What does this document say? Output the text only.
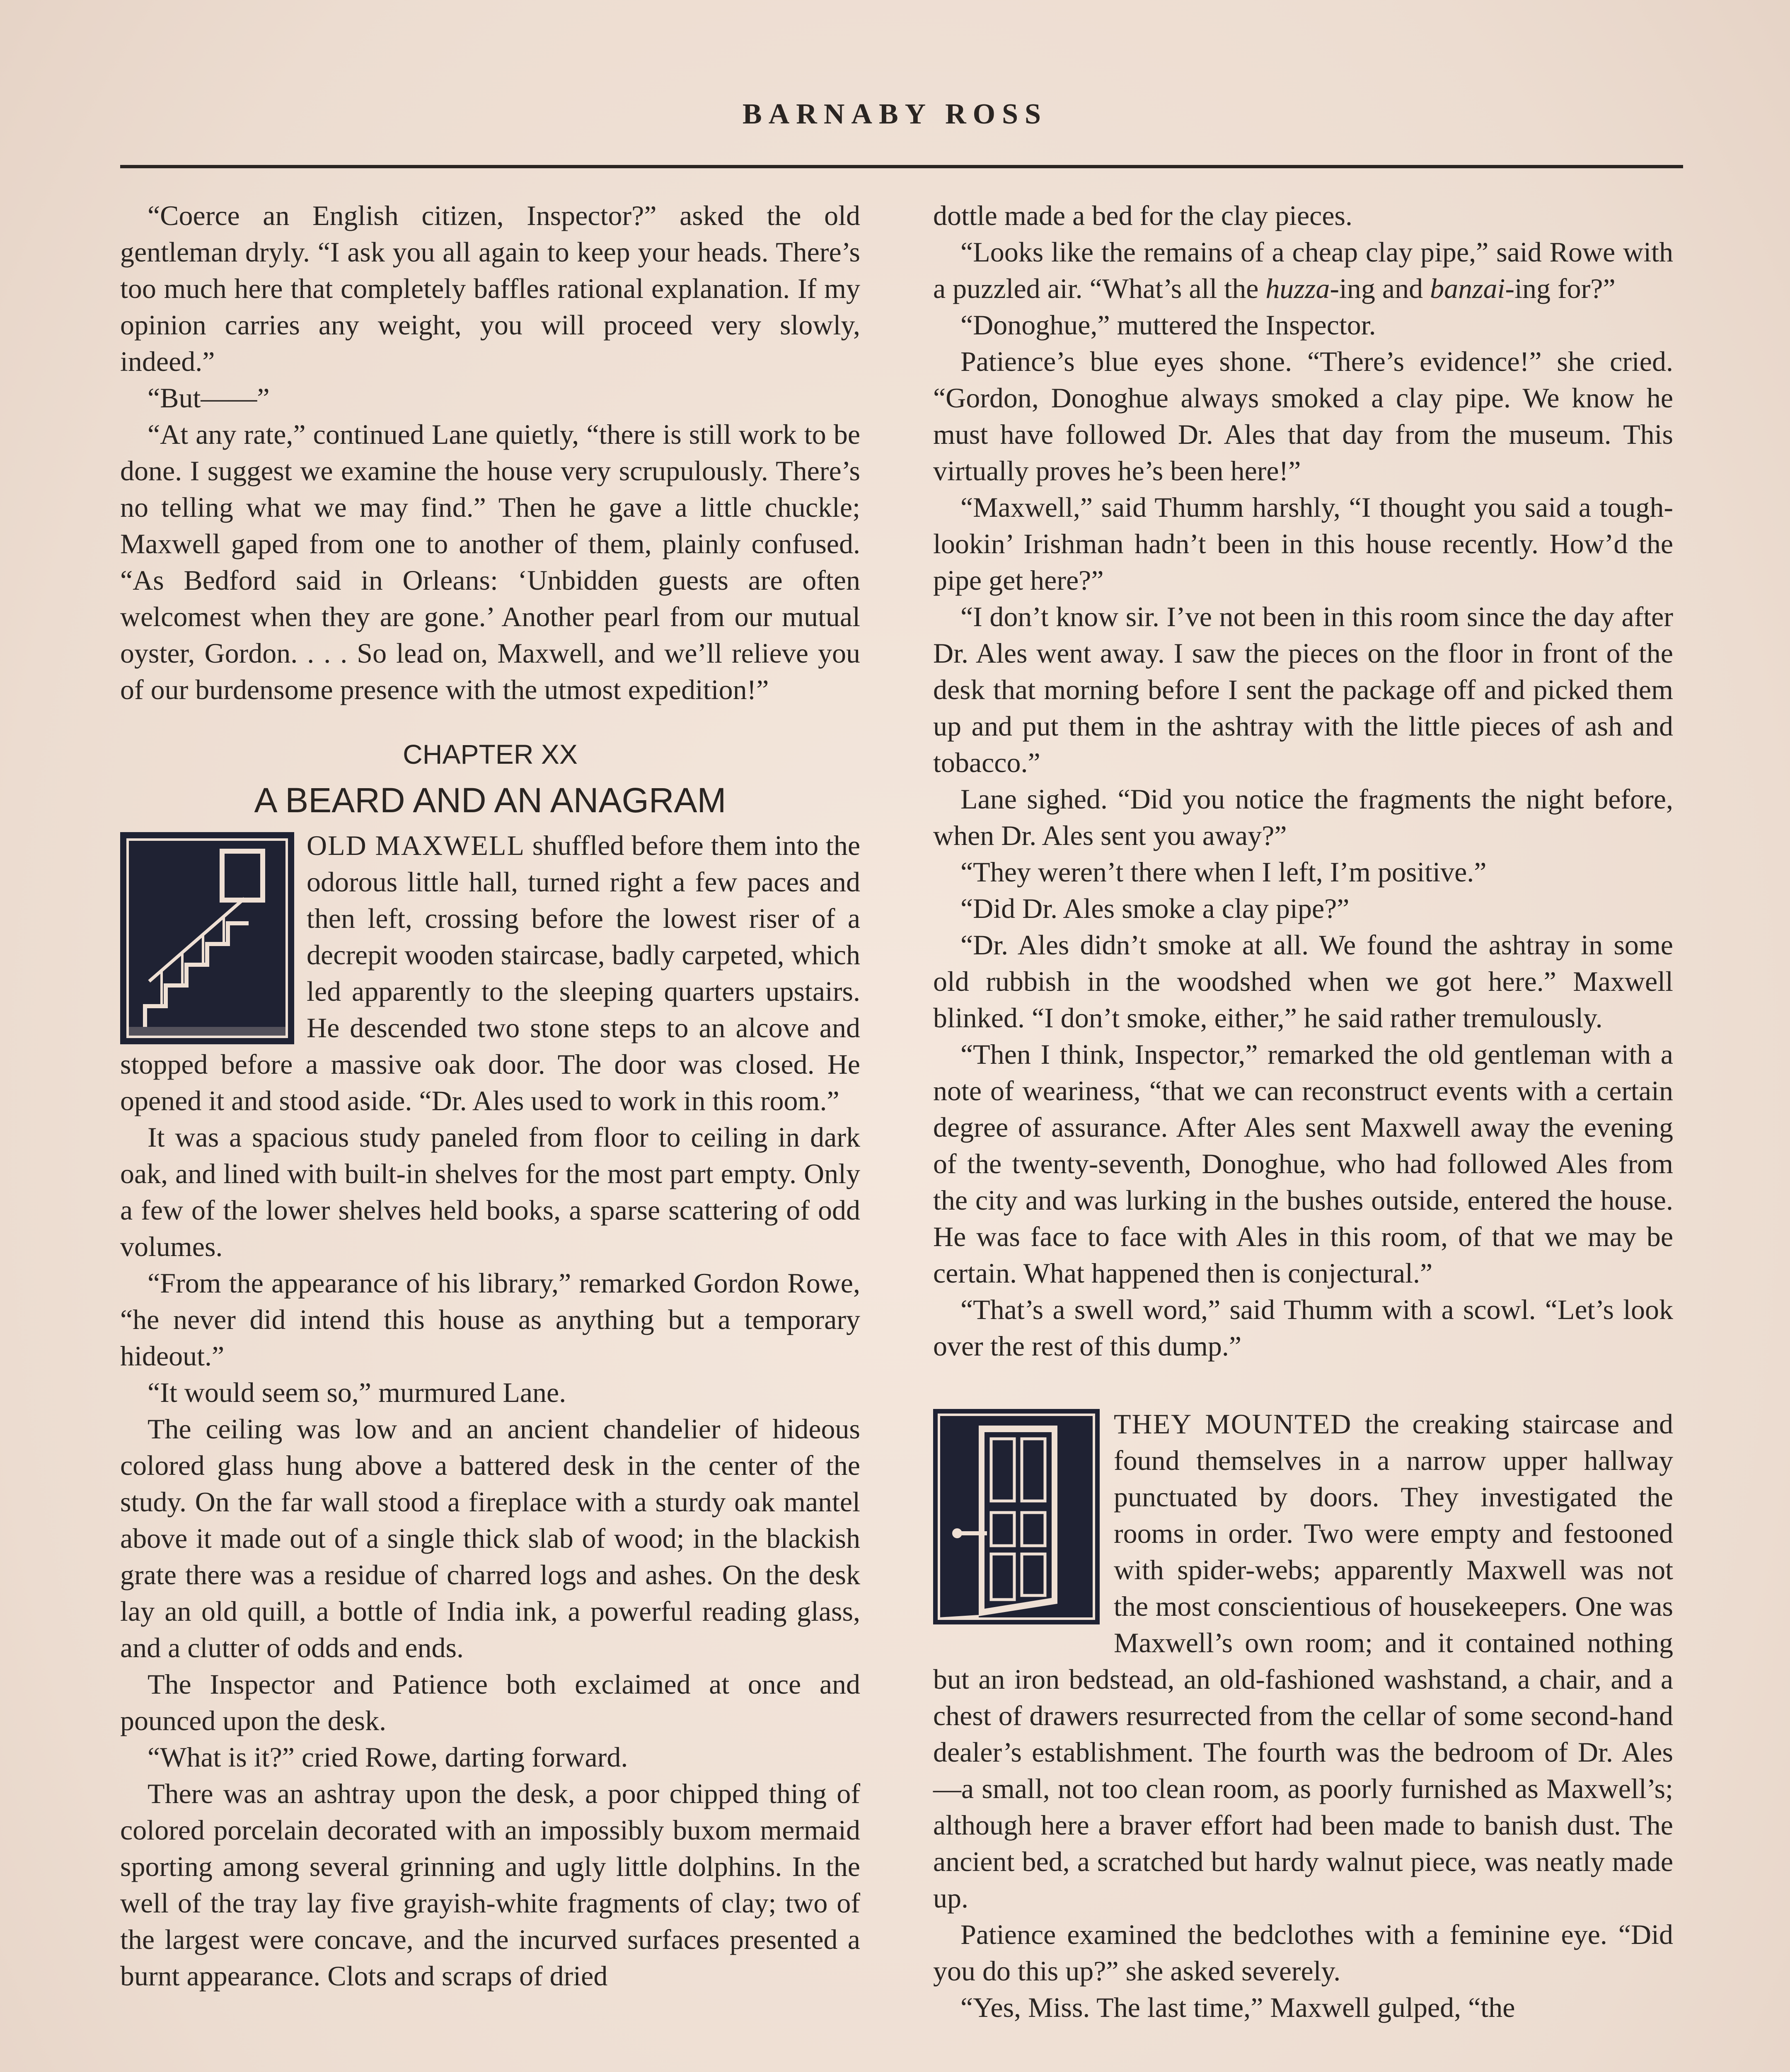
BARNABY ROSS

“Coerce an English citizen, Inspector?” asked the old gentleman dryly. “I ask you all again to keep your heads. There’s too much here that completely baffles rational explanation. If my opinion carries any weight, you will proceed very slowly, indeed.”

“But——”

“At any rate,” continued Lane quietly, “there is still work to be done. I suggest we examine the house very scrupulously. There’s no telling what we may find.” Then he gave a little chuckle; Maxwell gaped from one to another of them, plainly confused. “As Bedford said in Orleans: ‘Unbidden guests are often welcomest when they are gone.’ Another pearl from our mutual oyster, Gordon. . . . So lead on, Maxwell, and we’ll relieve you of our burdensome presence with the utmost expedition!”

CHAPTER XX
A BEARD AND AN ANAGRAM

OLD MAXWELL shuffled before them into the odorous little hall, turned right a few paces and then left, crossing before the lowest riser of a decrepit wooden staircase, badly carpeted, which led apparently to the sleeping quarters upstairs. He descended two stone steps to an alcove and stopped before a massive oak door. The door was closed. He opened it and stood aside. “Dr. Ales used to work in this room.”

It was a spacious study paneled from floor to ceiling in dark oak, and lined with built-in shelves for the most part empty. Only a few of the lower shelves held books, a sparse scattering of odd volumes.

“From the appearance of his library,” remarked Gordon Rowe, “he never did intend this house as anything but a temporary hideout.”

“It would seem so,” murmured Lane.

The ceiling was low and an ancient chandelier of hideous colored glass hung above a battered desk in the center of the study. On the far wall stood a fireplace with a sturdy oak mantel above it made out of a single thick slab of wood; in the blackish grate there was a residue of charred logs and ashes. On the desk lay an old quill, a bottle of India ink, a powerful reading glass, and a clutter of odds and ends.

The Inspector and Patience both exclaimed at once and pounced upon the desk.

“What is it?” cried Rowe, darting forward.

There was an ashtray upon the desk, a poor chipped thing of colored porcelain decorated with an impossibly buxom mermaid sporting among several grinning and ugly little dolphins. In the well of the tray lay five grayish-white fragments of clay; two of the largest were concave, and the incurved surfaces presented a burnt appearance. Clots and scraps of dried

dottle made a bed for the clay pieces.

“Looks like the remains of a cheap clay pipe,” said Rowe with a puzzled air. “What’s all the huzza-ing and banzai-ing for?”

“Donoghue,” muttered the Inspector.

Patience’s blue eyes shone. “There’s evidence!” she cried. “Gordon, Donoghue always smoked a clay pipe. We know he must have followed Dr. Ales that day from the museum. This virtually proves he’s been here!”

“Maxwell,” said Thumm harshly, “I thought you said a tough-lookin’ Irishman hadn’t been in this house recently. How’d the pipe get here?”

“I don’t know sir. I’ve not been in this room since the day after Dr. Ales went away. I saw the pieces on the floor in front of the desk that morning before I sent the package off and picked them up and put them in the ashtray with the little pieces of ash and tobacco.”

Lane sighed. “Did you notice the fragments the night before, when Dr. Ales sent you away?”

“They weren’t there when I left, I’m positive.”

“Did Dr. Ales smoke a clay pipe?”

“Dr. Ales didn’t smoke at all. We found the ashtray in some old rubbish in the woodshed when we got here.” Maxwell blinked. “I don’t smoke, either,” he said rather tremulously.

“Then I think, Inspector,” remarked the old gentleman with a note of weariness, “that we can reconstruct events with a certain degree of assurance. After Ales sent Maxwell away the evening of the twenty-seventh, Donoghue, who had followed Ales from the city and was lurking in the bushes outside, entered the house. He was face to face with Ales in this room, of that we may be certain. What happened then is conjectural.”

“That’s a swell word,” said Thumm with a scowl. “Let’s look over the rest of this dump.”

THEY MOUNTED the creaking staircase and found themselves in a narrow upper hallway punctuated by doors. They investigated the rooms in order. Two were empty and festooned with spider-webs; apparently Maxwell was not the most conscientious of housekeepers. One was Maxwell’s own room; and it contained nothing but an iron bedstead, an old-fashioned washstand, a chair, and a chest of drawers resurrected from the cellar of some second-hand dealer’s establishment. The fourth was the bedroom of Dr. Ales—a small, not too clean room, as poorly furnished as Maxwell’s; although here a braver effort had been made to banish dust. The ancient bed, a scratched but hardy walnut piece, was neatly made up.

Patience examined the bedclothes with a feminine eye. “Did you do this up?” she asked severely.

“Yes, Miss. The last time,” Maxwell gulped, “the
